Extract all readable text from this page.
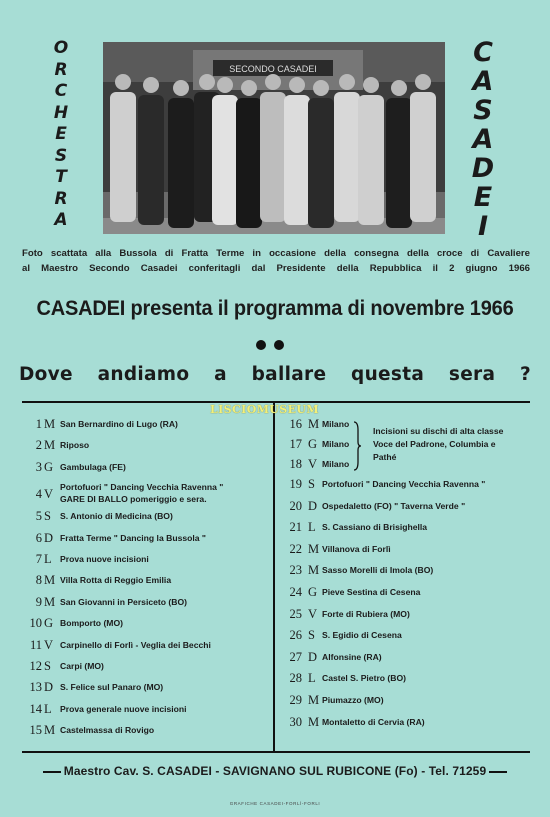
O
R
C
H
E
S
T
R
A
C
A
S
A
D
E
I
SECONDO CASADEI
Foto scattata alla Bussola di Fratta Terme in occasione della consegna della croce di Cavaliere
al Maestro Secondo Casadei conferitagli dal Presidente della Repubblica il 2 giugno 1966
CASADEI presenta il programma di novembre 1966
Dove andiamo a ballare questa sera ?
LISCIOMUSEUM
1 M San Bernardino di Lugo (RA)
2 M Riposo
3 G Gambulaga (FE)
4 V Portofuori " Dancing Vecchia Ravenna "
GARE DI BALLO pomeriggio e sera.
5 S	S. Antonio di Medicina (BO)
6 D Fratta Terme " Dancing la Bussola "
7 L Prova nuove incisioni
8 M Villa Rotta di Reggio Emilia
9 M San Giovanni in Persiceto (BO)
10 G Bomporto (MO)
11 V Carpinello di Forlì - Veglia dei Becchi
12 S	Carpi (MO)
13 D S. Felice sul Panaro (MO)
14 L Prova generale nuove incisioni
15 M Castelmassa di Rovigo
16 M Milano
17 G Milano
18 V Milano
19 S Portofuori " Dancing Vecchia Ravenna "
20 D Ospedaletto (FO) " Taverna Verde "
21 L S. Cassiano di Brisighella
22 M Villanova di Forlì
23 M Sasso Morelli di Imola (BO)
24 G Pieve Sestina di Cesena
25 V Forte di Rubiera (MO)
26 S S. Egidio di Cesena
27 D Alfonsine (RA)
28 L Castel S. Pietro (BO)
29 M Piumazzo (MO)
30 M Montaletto di Cervia (RA)
Incisioni su dischi di alta classe
Voce del Padrone, Columbia e
Pathé
Maestro Cav. S. CASADEI - SAVIGNANO SUL RUBICONE (Fo) - Tel. 71259
GRAFICHE CASADEI-FORLÌ-FORLI
